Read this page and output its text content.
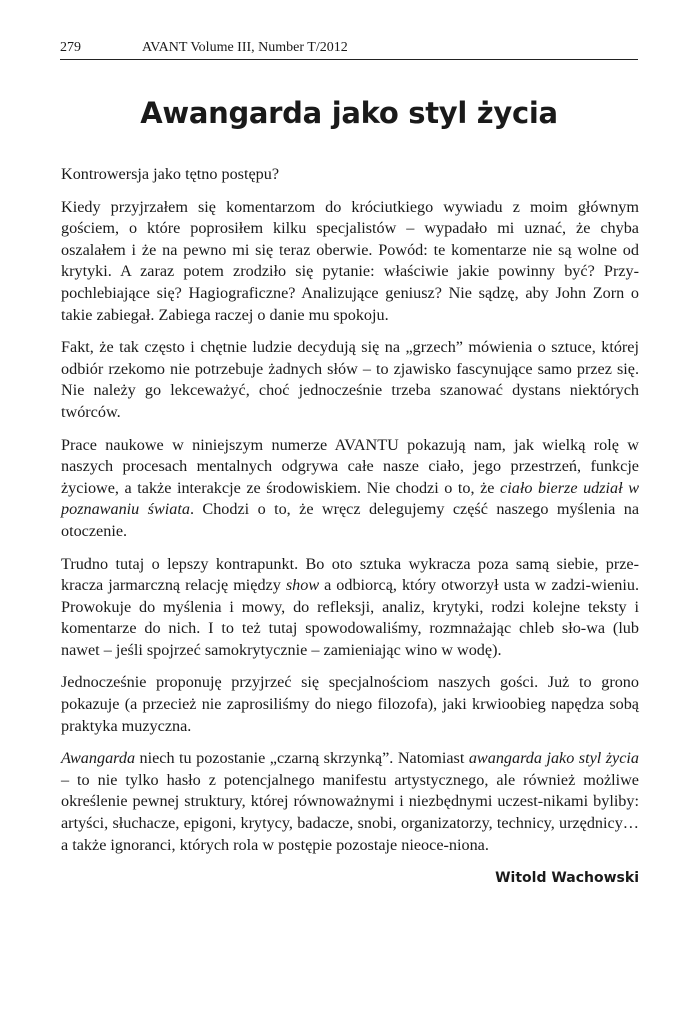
279	AVANT Volume III, Number T/2012
Awangarda jako styl życia

Kontrowersja jako tętno postępu?

Kiedy przyjrzałem się komentarzom do króciutkiego wywiadu z moim głównym gościem, o które poprosiłem kilku specjalistów – wypadało mi uznać, że chyba oszalałem i że na pewno mi się teraz oberwie. Powód: te komentarze nie są wolne od krytyki. A zaraz potem zrodziło się pytanie: właściwie jakie powinny być? Przy-pochlebiające się? Hagiograficzne? Analizujące geniusz? Nie sądzę, aby John Zorn o takie zabiegał. Zabiega raczej o danie mu spokoju.

Fakt, że tak często i chętnie ludzie decydują się na „grzech” mówienia o sztuce, której odbiór rzekomo nie potrzebuje żadnych słów – to zjawisko fascynujące samo przez się. Nie należy go lekceważyć, choć jednocześnie trzeba szanować dystans niektórych twórców.

Prace naukowe w niniejszym numerze AVANTU pokazują nam, jak wielką rolę w naszych procesach mentalnych odgrywa całe nasze ciało, jego przestrzeń, funkcje życiowe, a także interakcje ze środowiskiem. Nie chodzi o to, że ciało bierze udział w poznawaniu świata. Chodzi o to, że wręcz delegujemy część naszego myślenia na otoczenie.

Trudno tutaj o lepszy kontrapunkt. Bo oto sztuka wykracza poza samą siebie, prze-kracza jarmarczną relację między show a odbiorcą, który otworzył usta w zadzi-wieniu. Prowokuje do myślenia i mowy, do refleksji, analiz, krytyki, rodzi kolejne teksty i komentarze do nich. I to też tutaj spowodowaliśmy, rozmnażając chleb sło-wa (lub nawet – jeśli spojrzeć samokrytycznie – zamieniając wino w wodę).

Jednocześnie proponuję przyjrzeć się specjalnościom naszych gości. Już to grono pokazuje (a przecież nie zaprosiliśmy do niego filozofa), jaki krwioobieg napędza sobą praktyka muzyczna.

Awangarda niech tu pozostanie „czarną skrzynką”. Natomiast awangarda jako styl życia – to nie tylko hasło z potencjalnego manifestu artystycznego, ale również możliwe określenie pewnej struktury, której równoważnymi i niezbędnymi uczest-nikami byliby: artyści, słuchacze, epigoni, krytycy, badacze, snobi, organizatorzy, technicy, urzędnicy… a także ignoranci, których rola w postępie pozostaje nieoce-niona.

Witold Wachowski
